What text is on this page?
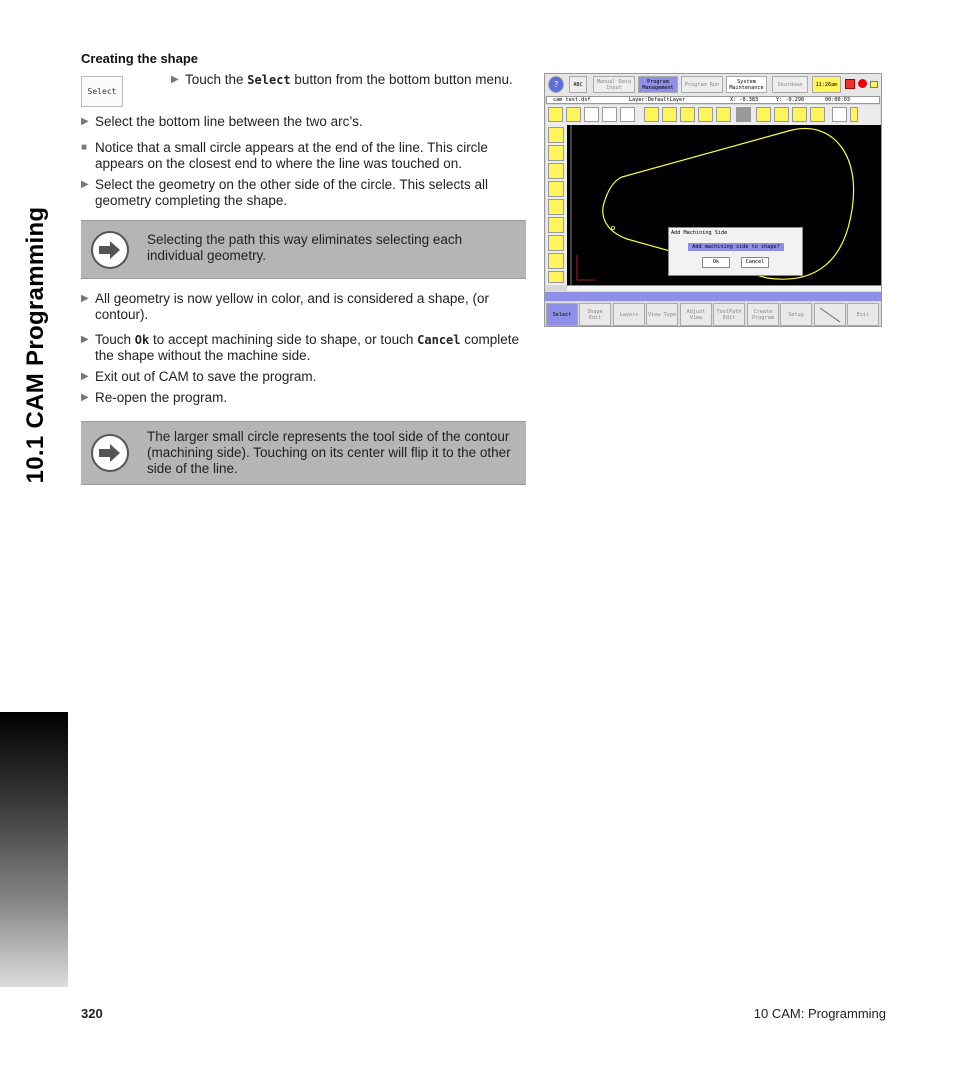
10.1 CAM Programming
Creating the shape
Select
▶ Touch the Select button from the bottom button menu.
▶ Select the bottom line between the two arc’s.
■ Notice that a small circle appears at the end of the line. This circle appears on the closest end to where the line was touched on.
▶ Select the geometry on the other side of the circle. This selects all geometry completing the shape.
Selecting the path this way eliminates selecting each individual geometry.
▶ All geometry is now yellow in color, and is considered a shape, (or contour).
▶ Touch Ok to accept machining side to shape, or touch Cancel complete the shape without the machine side.
▶ Exit out of CAM to save the program.
▶ Re-open the program.
The larger small circle represents the tool side of the contour (machining side). Touching on its center will flip it to the other side of the line.
?	ABC	Manual Data Input
Program Management	Program Run	System Maintenance	Shutdown	11:26am
cam test.dxf	Layer:DefaultLayer	X: -0.383	Y: -0.290	00:00:03
Add Machining Side
Add machining side to shape?
Ok	Cancel
Select	Shape Edit	Layers	View Type	Adjust View
ToolPath Edit
Create Program	Setup	Exit
320	10 CAM: Programming
